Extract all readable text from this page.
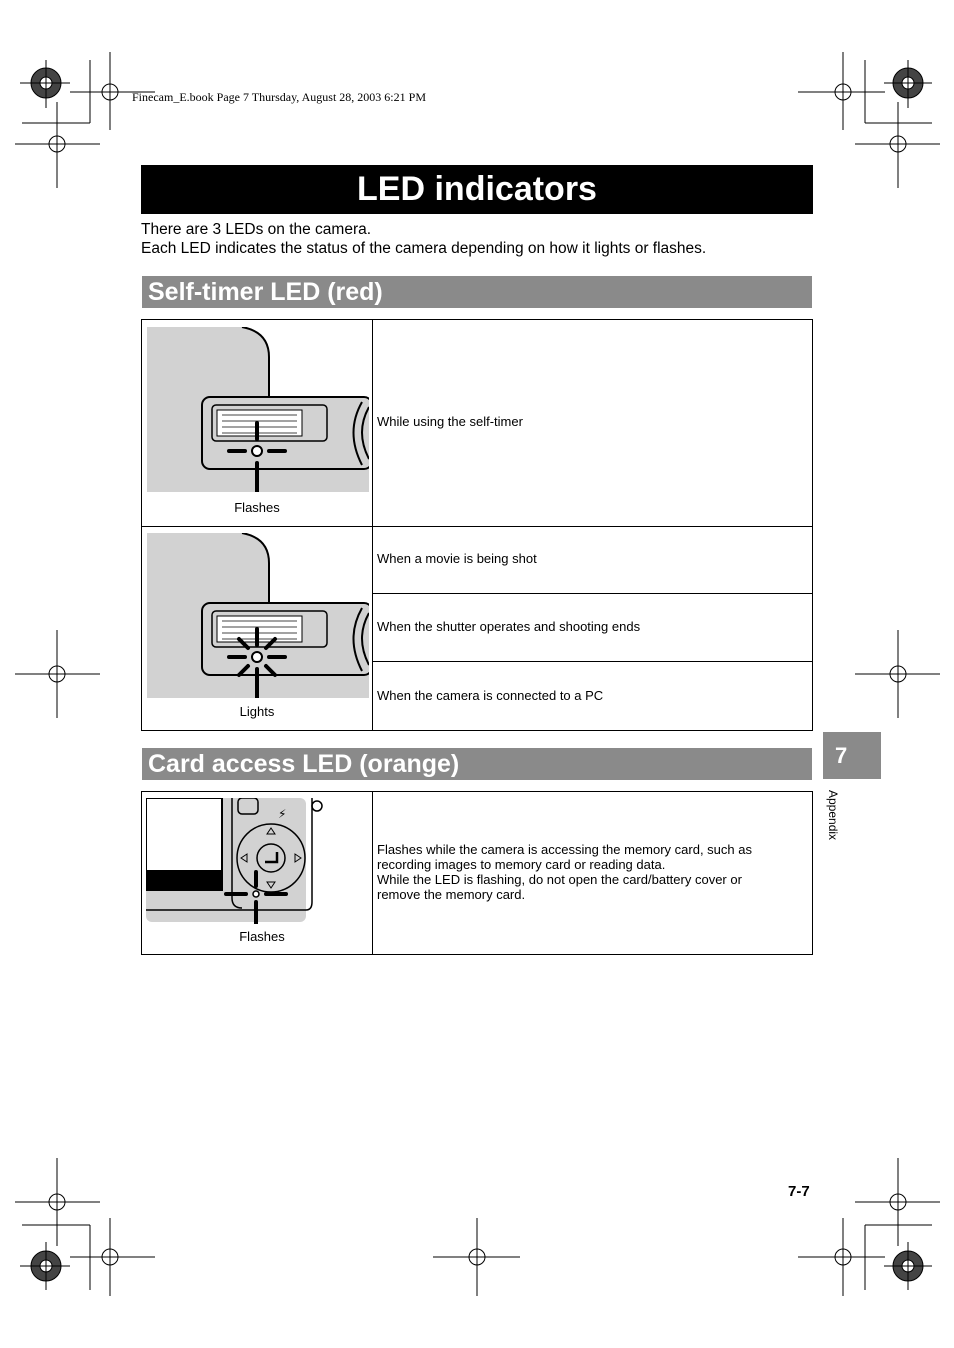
Finecam_E.book Page 7 Thursday, August 28, 2003 6:21 PM
LED indicators
There are 3 LEDs on the camera.
Each LED indicates the status of the camera depending on how it lights or flashes.
Self-timer LED (red)
Flashes
While using the self-timer
Lights
When a movie is being shot
When the shutter operates and shooting ends
When the camera is connected to a PC
Card access LED (orange)
⚡
Flashes
Flashes while the camera is accessing the memory card, such as recording images to memory card or reading data.
While the LED is flashing, do not open the card/battery cover or remove the memory card.
7
Appendix
7-7
